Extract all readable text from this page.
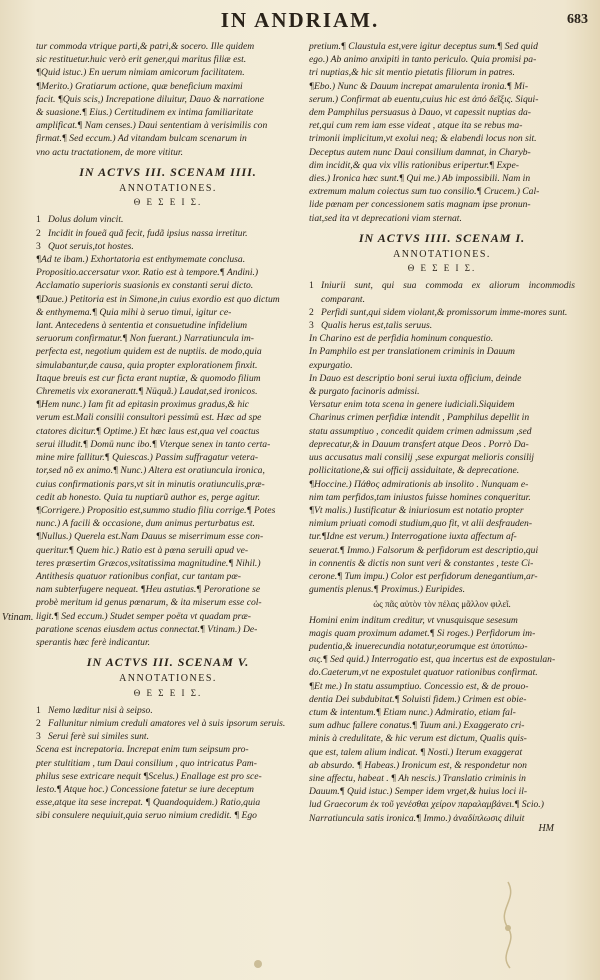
IN ANDRIAM.	683

tur commoda vtrique parti,& patri,& socero. Ille quidem

sic restituetur.huic verò erit gener,qui maritus filiæ est.

¶Quid istuc.) En uerum nimiam amicorum facilitatem.

¶Merito.) Gratiarum actione, quæ beneficium maximi

facit. ¶Quis scis,) Increpatione diluitur, Dauo & narratione

& suasione.¶ Eius.) Certitudinem ex intima familiaritate

amplificat.¶ Nam censes.) Daui sententiam à verisimilis con

firmat.¶ Sed eccum.) Ad vitandam bulcam scenarum in

vno actu tractationem, de more vititur.

IN ACTVS III. SCENAM IIII.
ANNOTATIONES.
Θ Ε Σ Ε Ι Σ.
1 Dolus dolum vincit.
2 Incidit in foueã quã fecit, fudã ipsius nassa irretitur.
3 Quot seruis,tot hostes.

¶Ad te ibam.) Exhortatoria est enthymemate conclusa.

Propositio.accersatur vxor. Ratio est à tempore.¶ Andini.)

Acclamatio superioris suasionis ex constanti serui dicto.

¶Daue.) Petitoria est in Simone,in cuius exordio est quo dictum

& enthymema.¶ Quia mihi à seruo timui, igitur ce-

lant. Antecedens à sententia et consuetudine infidelium

seruorum confirmatur.¶ Non fuerant.) Narratiuncula im-

perfecta est, negotium quidem est de nuptiis. de modo,quia

simulabantur,de causa, quia propter explorationem finxit.

Itaque breuis est cur ficta erant nuptiæ, & quomodo filium

Chremetis vix exoraneratt.¶ Nüquã.) Laudat,sed ironicos.

¶Hem nunc.) Iam fit ad epitasin proximus gradus,& hic

verum est.Mali consilii consultori pessimü est. Hæc ad spe

ctatores dicitur.¶ Optime.) Et hæc laus est,qua vel coactus

serui illudit.¶ Domü nunc ibo.¶ Vterque senex in tanto certa-

mine mire fallitur.¶ Quiescas.) Passim suffragatur vetera-

tor,sed nõ ex animo.¶ Nunc.) Altera est oratiuncula ironica,

cuius confirmationis pars,vt sit in minutis oratiunculis,præ-

cedit ab honesto. Quia tu nuptiarũ author es, perge agitur.

¶Corrigere.) Propositio est,summo studio filiu corrige.¶ Potes

nunc.) A facili & occasione, dum animus perturbatus est.

¶Nullus.) Querela est.Nam Dauus se miserrimum esse con-

queritur.¶ Quem hic.) Ratio est à pœna seruili apud ve-

teres præsertim Græcos,vsitatissima magnitudine.¶ Nihil.)

Antithesis quatuor rationibus confiat, cur tantam pœ-

nam subterfugere nequeat. ¶Heu astutias.¶ Peroratione se

probè meritum id genus pœnarum, & ita miserum esse col-

ligit.¶ Sed eccum.) Studet semper poëta vt quadam præ-

paratione scenas eiusdem actus connectat.¶ Vtinam.) De-

sperantis hæc ferè indicantur.

IN ACTVS III. SCENAM V.
ANNOTATIONES.
Θ Ε Σ Ε Ι Σ.
1 Nemo læditur nisi à seipso.
2 Fallunitur nimium creduli amatores vel à suis ipsorum seruis.
3 Serui ferè sui similes sunt.

Scena est increpatoria. Increpat enim tum seipsum pro-

pter stultitiam , tum Daui consilium , quo intricatus Pam-

philus sese extricare nequit ¶Scelus.) Enallage est pro sce-

lesto.¶ Atque hoc.) Concessione fatetur se iure deceptum

esse,atque ita sese increpat. ¶ Quandoquidem.) Ratio,quia

sibi consulere nequiuit,quia seruo nimium credidit. ¶ Ego

Vtinam.

pretium.¶ Claustula est,vere igitur deceptus sum.¶ Sed quid

ego.) Ab animo anxipiti in tanto periculo. Quia promisi pa-

tri nuptias,& hic sit mentio pietatis filiorum in patres.

¶Ebo.) Nunc & Dauum increpat amarulenta ironia.¶ Mi-

serum.) Confirmat ab euentu,cuius hic est ἀπό δεῖξις. Siqui-

dem Pamphilus persuasus à Dauo, vt capessit nuptias da-

ret,qui cum rem iam esse videat , atque ita se rebus ma-

trimonii implicitum,vt exolui neq; & elabendi locus non sit.

Deceptus autem nunc Daui consilium damnat, in Charyb-

dim incidit,& qua vix vllis rationibus eripertur.¶ Expe-

dies.) Ironica hæc sunt.¶ Qui me.) Ab impossibili. Nam in

extremum malum coiectus sum tuo consilio.¶ Crucem.) Cal-

lide pœnam per concessionem satis magnam ipse pronun-

tiat,sed ita vt deprecationi viam sternat.

IN ACTVS IIII. SCENAM I.
ANNOTATIONES.
Θ Ε Σ Ε Ι Σ.
1 Iniurii sunt, qui sua commoda ex aliorum incommodis comparant.
2 Perfidi sunt,qui sidem violant,& promissorum imme-mores sunt.
3 Qualis herus est,talis seruus.

In Charino est de perfidia hominum conquestio.

In Pamphilo est per translationem criminis in Dauum

expurgatio.

In Dauo est descriptio boni serui iuxta officium, deinde

& purgato facinoris admissi.

Versatur enim tota scena in genere iudiciali.Siquidem

Charinus crimen perfidiæ intendit , Pamphilus depellit in

statu assumptiuo , concedit quidem crimen admissum ,sed

deprecatur,& in Dauum transfert atque Deos . Porrò Da-

uus accusatus mali consilij ,sese expurgat melioris consilij

pollicitatione,& sui officij assiduitate, & deprecatione.

¶Hoccine.) Πάθος admirationis ab insolito . Nunquam e-

nim tam perfidos,tam iniustos fuisse homines conqueritur.

¶Vt malis.) Iustificatur & iniuriosum est notatio propter

nimium priuati comodi studium,quo fit, vt alii desfrauden-

tur.¶Idne est verum.) Interrogatione iuxta affectum af-

seuerat.¶ Immo.) Falsorum & perfidorum est descriptio,qui

in connentis & dictis non sunt veri & constantes , teste Ci-

cerone.¶ Tum impu.) Color est perfidorum denegantium,ar-

gumentis plenus.¶ Proximus.) Euripides.

ὡς πᾶς αὐτὸν τὸν πέλας μᾶλλον φιλεῖ.

Homini enim inditum creditur, vt vnusquisque sesesum

magis quam proximum adamet.¶ Si roges.) Perfidorum im-

pudentia,& inuerecundia notatur,eorumque est ὑποτύπω-

σις.¶ Sed quid.) Interrogatio est, qua incertus est de expostulan-

do.Caeterum,vt ne expostulet quatuor rationibus confirmat.

¶Et me.) In statu assumptiuo. Concessio est, & de prouo-

dentia Dei subdubitat.¶ Soluisti fidem.) Crimen est obie-

ctum & intentum.¶ Etiam nunc.) Admiratio, etiam fal-

sum adhuc fallere conatus.¶ Tuum ani.) Exaggerato cri-

minis à credulitate, & hic verum est dictum, Qualis quis-

que est, talem alium indicat. ¶ Nosti.) Iterum exaggerat

ab absurdo. ¶ Habeas.) Ironicum est, & respondetur non

sine affectu, habeat . ¶ Ah nescis.) Translatio criminis in

Dauum.¶ Quid istuc.) Semper idem vrget,& huius loci il-

lud Graecorum ἐκ τοῦ γενέσθαι χείρον παραλαμβάνει.¶ Scio.)

Narratiuncula satis ironica.¶ Immo.) ἀναδίπλωσις diluit

HM
